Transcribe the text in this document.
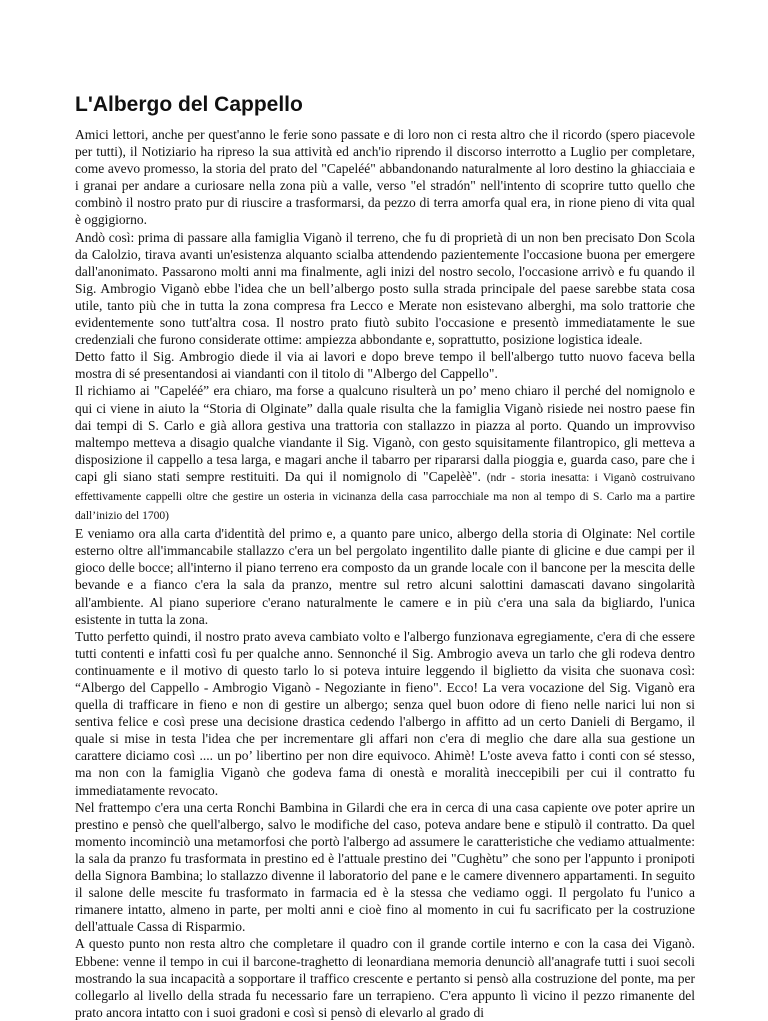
L'Albergo del Cappello

Amici lettori, anche per quest'anno le ferie sono passate e di loro non ci resta altro che il ricordo (spero piacevole per tutti), il Notiziario ha ripreso la sua attività ed anch'io riprendo il discorso interrotto a Luglio per completare, come avevo promesso, la storia del prato del "Capeléé" abbandonando naturalmente al loro destino la ghiacciaia e i granai per andare a curiosare nella zona più a valle, verso "el stradón" nell'intento di scoprire tutto quello che combinò il nostro prato pur di riuscire a trasformarsi, da pezzo di terra amorfa qual era, in rione pieno di vita qual è oggigiorno.

Andò così: prima di passare alla famiglia Viganò il terreno, che fu di proprietà di un non ben precisato Don Scola da Calolzio, tirava avanti un'esistenza alquanto scialba attendendo pazientemente l'occasione buona per emergere dall'anonimato. Passarono molti anni ma finalmente, agli inizi del nostro secolo, l'occasione arrivò e fu quando il Sig. Ambrogio Viganò ebbe l'idea che un bell’albergo posto sulla strada principale del paese sarebbe stata cosa utile, tanto più che in tutta la zona compresa fra Lecco e Merate non esistevano alberghi, ma solo trattorie che evidentemente sono tutt'altra cosa. Il nostro prato fiutò subito l'occasione e presentò immediatamente le sue credenziali che furono considerate ottime: ampiezza abbondante e, soprattutto, posizione logistica ideale.

Detto fatto il Sig. Ambrogio diede il via ai lavori e dopo breve tempo il bell'albergo tutto nuovo faceva bella mostra di sé presentandosi ai viandanti con il titolo di "Albergo del Cappello".

Il richiamo ai "Capeléé” era chiaro, ma forse a qualcuno risulterà un po’ meno chiaro il perché del nomignolo e qui ci viene in aiuto la “Storia di Olginate” dalla quale risulta che la famiglia Viganò risiede nei nostro paese fin dai tempi di S. Carlo e già allora gestiva una trattoria con stallazzo in piazza al porto. Quando un improvviso maltempo metteva a disagio qualche viandante il Sig. Viganò, con gesto squisitamente filantropico, gli metteva a disposizione il cappello a tesa larga, e magari anche il tabarro per ripararsi dalla pioggia e, guarda caso, pare che i capi gli siano stati sempre restituiti. Da qui il nomignolo di "Capelèè". (ndr - storia inesatta: i Viganò costruivano effettivamente cappelli oltre che gestire un osteria in vicinanza della casa parrocchiale ma non al tempo di S. Carlo ma a partire dall’inizio del 1700)

E veniamo ora alla carta d'identità del primo e, a quanto pare unico, albergo della storia di Olginate: Nel cortile esterno oltre all'immancabile stallazzo c'era un bel pergolato ingentilito dalle piante di glicine e due campi per il gioco delle bocce; all'interno il piano terreno era composto da un grande locale con il bancone per la mescita delle bevande e a fianco c'era la sala da pranzo, mentre sul retro alcuni salottini damascati davano singolarità all'ambiente. Al piano superiore c'erano naturalmente le camere e in più c'era una sala da bigliardo, l'unica esistente in tutta la zona.

Tutto perfetto quindi, il nostro prato aveva cambiato volto e l'albergo funzionava egregiamente, c'era di che essere tutti contenti e infatti così fu per qualche anno. Sennonché il Sig. Ambrogio aveva un tarlo che gli rodeva dentro continuamente e il motivo di questo tarlo lo si poteva intuire leggendo il biglietto da visita che suonava così: “Albergo del Cappello - Ambrogio Viganò - Negoziante in fieno". Ecco! La vera vocazione del Sig. Viganò era quella di trafficare in fieno e non di gestire un albergo; senza quel buon odore di fieno nelle narici lui non si sentiva felice e così prese una decisione drastica cedendo l'albergo in affitto ad un certo Danieli di Bergamo, il quale si mise in testa l'idea che per incrementare gli affari non c'era di meglio che dare alla sua gestione un carattere diciamo così .... un po’ libertino per non dire equivoco. Ahimè! L'oste aveva fatto i conti con sé stesso, ma non con la famiglia Viganò che godeva fama di onestà e moralità ineccepibili per cui il contratto fu immediatamente revocato.

Nel frattempo c'era una certa Ronchi Bambina in Gilardi che era in cerca di una casa capiente ove poter aprire un prestino e pensò che quell'albergo, salvo le modifiche del caso, poteva andare bene e stipulò il contratto. Da quel momento incominciò una metamorfosi che portò l'albergo ad assumere le caratteristiche che vediamo attualmente: la sala da pranzo fu trasformata in prestino ed è l'attuale prestino dei "Cughètu” che sono per l'appunto i pronipoti della Signora Bambina; lo stallazzo divenne il laboratorio del pane e le camere divennero appartamenti. In seguito il salone delle mescite fu trasformato in farmacia ed è la stessa che vediamo oggi. Il pergolato fu l'unico a rimanere intatto, almeno in parte, per molti anni e cioè fino al momento in cui fu sacrificato per la costruzione dell'attuale Cassa di Risparmio.

A questo punto non resta altro che completare il quadro con il grande cortile interno e con la casa dei Viganò. Ebbene: venne il tempo in cui il barcone-traghetto di leonardiana memoria denunciò all'anagrafe tutti i suoi secoli mostrando la sua incapacità a sopportare il traffico crescente e pertanto si pensò alla costruzione del ponte, ma per collegarlo al livello della strada fu necessario fare un terrapieno. C'era appunto lì vicino il pezzo rimanente del prato ancora intatto con i suoi gradoni e così si pensò di elevarlo al grado di
